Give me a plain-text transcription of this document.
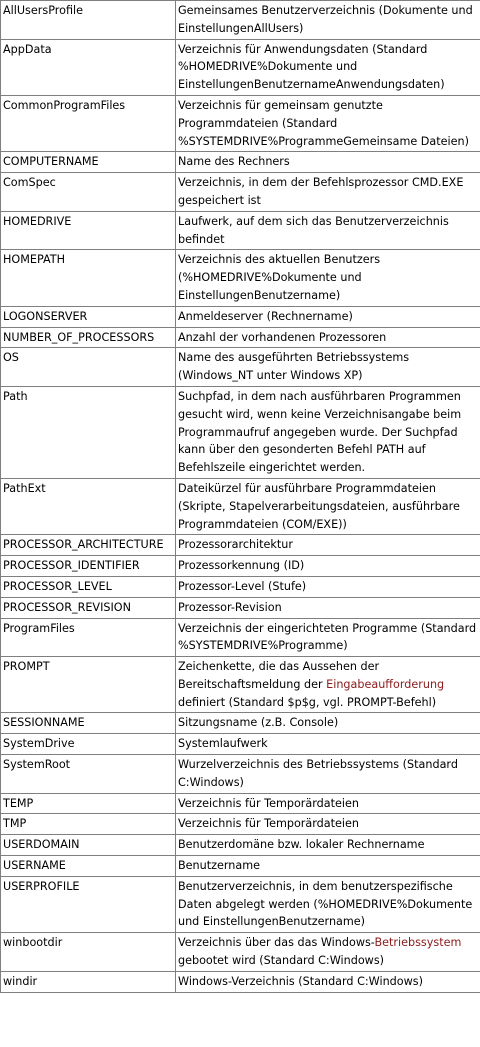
AllUsersProfile	Gemeinsames Benutzerverzeichnis (Dokumente und EinstellungenAllUsers)
AppData	Verzeichnis für Anwendungsdaten (Standard %HOMEDRIVE%Dokumente und EinstellungenBenutzernameAnwendungsdaten)
CommonProgramFiles	Verzeichnis für gemeinsam genutzte Programmdateien (Standard %SYSTEMDRIVE%ProgrammeGemeinsame Dateien)
COMPUTERNAME	Name des Rechners
ComSpec	Verzeichnis, in dem der Befehlsprozessor CMD.EXE gespeichert ist
HOMEDRIVE	Laufwerk, auf dem sich das Benutzerverzeichnis befindet
HOMEPATH	Verzeichnis des aktuellen Benutzers (%HOMEDRIVE%Dokumente und EinstellungenBenutzername)
LOGONSERVER	Anmeldeserver (Rechnername)
NUMBER_OF_PROCESSORS	Anzahl der vorhandenen Prozessoren
OS	Name des ausgeführten Betriebssystems (Windows_NT unter Windows XP)
Path	Suchpfad, in dem nach ausführbaren Programmen gesucht wird, wenn keine Verzeichnisangabe beim Programmaufruf angegeben wurde. Der Suchpfad kann über den gesonderten Befehl PATH auf Befehlszeile eingerichtet werden.
PathExt	Dateikürzel für ausführbare Programmdateien (Skripte, Stapelverarbeitungsdateien, ausführbare Programmdateien (COM/EXE))
PROCESSOR_ARCHITECTURE	Prozessorarchitektur
PROCESSOR_IDENTIFIER	Prozessorkennung (ID)
PROCESSOR_LEVEL	Prozessor-Level (Stufe)
PROCESSOR_REVISION	Prozessor-Revision
ProgramFiles	Verzeichnis der eingerichteten Programme (Standard %SYSTEMDRIVE%Programme)
PROMPT	Zeichenkette, die das Aussehen der Bereitschaftsmeldung der Eingabeaufforderung definiert (Standard $p$g, vgl. PROMPT-Befehl)
SESSIONNAME	Sitzungsname (z.B. Console)
SystemDrive	Systemlaufwerk
SystemRoot	Wurzelverzeichnis des Betriebssystems (Standard C:Windows)
TEMP	Verzeichnis für Temporärdateien
TMP	Verzeichnis für Temporärdateien
USERDOMAIN	Benutzerdomäne bzw. lokaler Rechnername
USERNAME	Benutzername
USERPROFILE	Benutzerverzeichnis, in dem benutzerspezifische Daten abgelegt werden (%HOMEDRIVE%Dokumente und EinstellungenBenutzername)
winbootdir	Verzeichnis über das das Windows-Betriebssystem gebootet wird (Standard C:Windows)
windir	Windows-Verzeichnis (Standard C:Windows)
